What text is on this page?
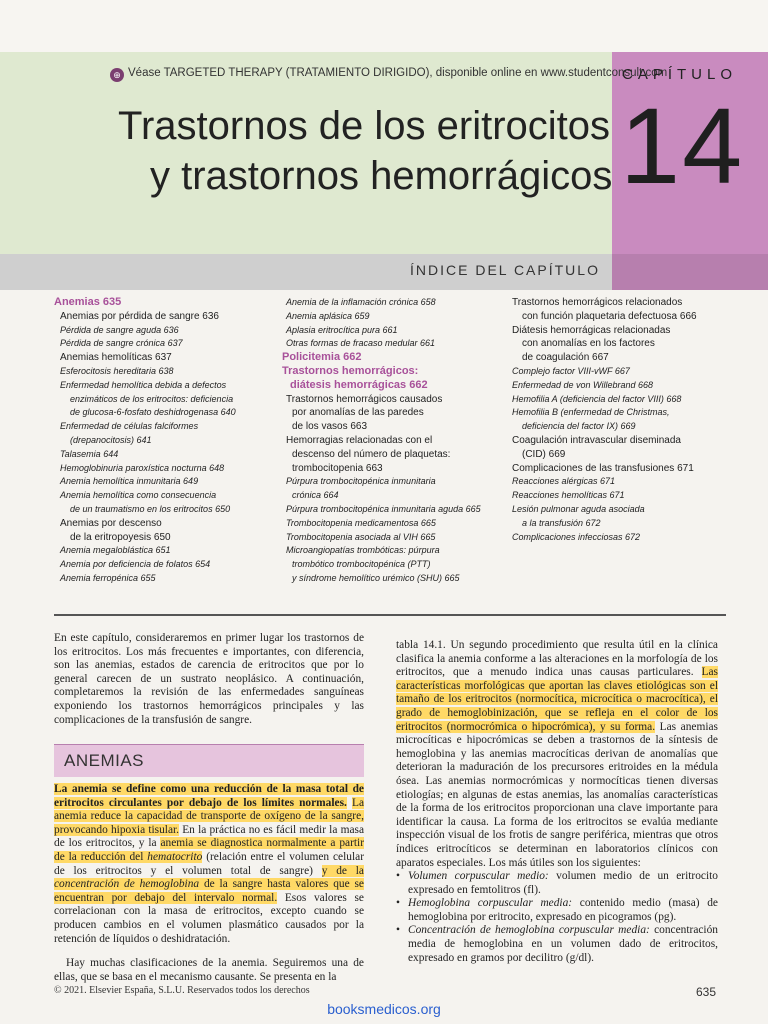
⊕ Véase TARGETED THERAPY (TRATAMIENTO DIRIGIDO), disponible online en www.studentconsult.com
CAPÍTULO
14
Trastornos de los eritrocitos
y trastornos hemorrágicos
ÍNDICE DEL CAPÍTULO
Anemias 635
Anemias por pérdida de sangre 636
Pérdida de sangre aguda 636
Pérdida de sangre crónica 637
Anemias hemolíticas 637
Esferocitosis hereditaria 638
Enfermedad hemolítica debida a defectos
enzimáticos de los eritrocitos: deficiencia
de glucosa-6-fosfato deshidrogenasa 640
Enfermedad de células falciformes
(drepanocitosis) 641
Talasemia 644
Hemoglobinuria paroxística nocturna 648
Anemia hemolítica inmunitaria 649
Anemia hemolítica como consecuencia
de un traumatismo en los eritrocitos 650
Anemias por descenso
de la eritropoyesis 650
Anemia megaloblástica 651
Anemia por deficiencia de folatos 654
Anemia ferropénica 655
Anemia de la inflamación crónica 658
Anemia aplásica 659
Aplasia eritrocítica pura 661
Otras formas de fracaso medular 661
Policitemia 662
Trastornos hemorrágicos:
diátesis hemorrágicas 662
Trastornos hemorrágicos causados
por anomalías de las paredes
de los vasos 663
Hemorragias relacionadas con el
descenso del número de plaquetas:
trombocitopenia 663
Púrpura trombocitopénica inmunitaria
crónica 664
Púrpura trombocitopénica inmunitaria aguda 665
Trombocitopenia medicamentosa 665
Trombocitopenia asociada al VIH 665
Microangiopatías trombóticas: púrpura
trombótico trombocitopénica (PTT)
y síndrome hemolítico urémico (SHU) 665
Trastornos hemorrágicos relacionados
con función plaquetaria defectuosa 666
Diátesis hemorrágicas relacionadas
con anomalías en los factores
de coagulación 667
Complejo factor VIII-vWF 667
Enfermedad de von Willebrand 668
Hemofilia A (deficiencia del factor VIII) 668
Hemofilia B (enfermedad de Christmas,
deficiencia del factor IX) 669
Coagulación intravascular diseminada
(CID) 669
Complicaciones de las transfusiones 671
Reacciones alérgicas 671
Reacciones hemolíticas 671
Lesión pulmonar aguda asociada
a la transfusión 672
Complicaciones infecciosas 672

En este capítulo, consideraremos en primer lugar los trastornos de los eritrocitos. Los más frecuentes e importantes, con diferencia, son las anemias, estados de carencia de eritrocitos que por lo general carecen de un sustrato neoplásico. A continuación, completaremos la revisión de las enfermedades sanguíneas exponiendo los trastornos hemorrágicos principales y las complicaciones de la transfusión de sangre.

ANEMIAS

La anemia se define como una reducción de la masa total de eritrocitos circulantes por debajo de los límites normales. La anemia reduce la capacidad de transporte de oxígeno de la sangre, provocando hipoxia tisular. En la práctica no es fácil medir la masa de los eritrocitos, y la anemia se diagnostica normalmente a partir de la reducción del hematocrito (relación entre el volumen celular de los eritrocitos y el volumen total de sangre) y de la concentración de hemoglobina de la sangre hasta valores que se encuentran por debajo del intervalo normal. Esos valores se correlacionan con la masa de eritrocitos, excepto cuando se producen cambios en el volumen plasmático causados por la retención de líquidos o deshidratación.

Hay muchas clasificaciones de la anemia. Seguiremos una de ellas, que se basa en el mecanismo causante. Se presenta en la

tabla 14.1. Un segundo procedimiento que resulta útil en la clínica clasifica la anemia conforme a las alteraciones en la morfología de los eritrocitos, que a menudo indica unas causas particulares. Las características morfológicas que aportan las claves etiológicas son el tamaño de los eritrocitos (normocítica, microcítica o macrocítica), el grado de hemoglobinización, que se refleja en el color de los eritrocitos (normocrómica o hipocrómica), y su forma. Las anemias microcíticas e hipocrómicas se deben a trastornos de la síntesis de hemoglobina y las anemias macrocíticas derivan de anomalías que deterioran la maduración de los precursores eritroides en la médula ósea. Las anemias normocrómicas y normocíticas tienen diversas etiologías; en algunas de estas anemias, las anomalías características de la forma de los eritrocitos proporcionan una clave importante para identificar la causa. La forma de los eritrocitos se evalúa mediante inspección visual de los frotis de sangre periférica, mientras que otros índices eritrocíticos se determinan en laboratorios clínicos con aparatos especiales. Los más útiles son los siguientes:

• Volumen corpuscular medio: volumen medio de un eritrocito expresado en femtolitros (fl).
• Hemoglobina corpuscular media: contenido medio (masa) de hemoglobina por eritrocito, expresado en picogramos (pg).
• Concentración de hemoglobina corpuscular media: concentración media de hemoglobina en un volumen dado de eritrocitos, expresado en gramos por decilitro (g/dl).
© 2021. Elsevier España, S.L.U. Reservados todos los derechos	635
booksmedicos.org
